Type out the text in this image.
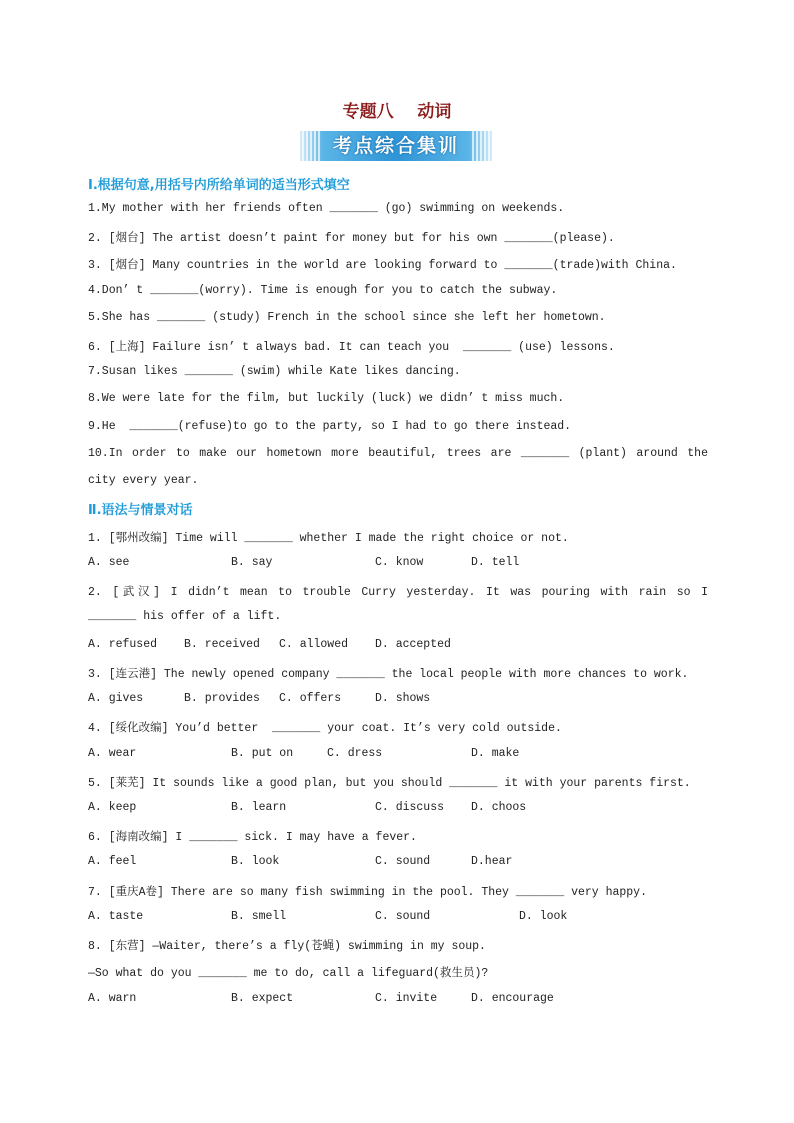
专题八    动词
考点综合集训
Ⅰ.根据句意,用括号内所给单词的适当形式填空
1.My mother with her friends often _______ (go) swimming on weekends.
2. [烟台] The artist doesn’t paint for money but for his own _______(please).
3. [烟台] Many countries in the world are looking forward to _______(trade)with China.
4.Don’ t _______(worry). Time is enough for you to catch the subway.
5.She has _______ (study) French in the school since she left her hometown.
6. [上海] Failure isn’ t always bad. It can teach you  _______ (use) lessons.
7.Susan likes _______ (swim) while Kate likes dancing.
8.We were late for the film, but luckily (luck) we didn’ t miss much.
9.He  _______(refuse)to go to the party, so I had to go there instead.
10.In order to make our hometown more beautiful, trees are _______ (plant) around the
city every year.
Ⅱ.语法与情景对话
1. [鄂州改编] Time will _______ whether I made the right choice or not.
A. see	B. say	C. know	D. tell
2. [武汉] I didn’t mean to trouble Curry yesterday. It was pouring with rain so I
_______ his offer of a lift.
A. refused B. received C. allowed D. accepted
3. [连云港] The newly opened company _______ the local people with more chances to work.
A. gives	B. provides C. offers	D. shows
4. [绥化改编] You’d better  _______ your coat. It’s very cold outside.
A. wear	B. put on	C. dress	D. make
5. [莱芜] It sounds like a good plan, but you should _______ it with your parents first.
A. keep	B. learn	C. discuss D. choos
6. [海南改编] I _______ sick. I may have a fever.
A. feel	B. look	C. sound	D.hear
7. [重庆A卷] There are so many fish swimming in the pool. They _______ very happy.
A. taste	B. smell	C. sound	D. look
8. [东营] —Waiter, there’s a fly(苍蝇) swimming in my soup.
—So what do you _______ me to do, call a lifeguard(救生员)?
A. warn	B. expect	C. invite	D. encourage
